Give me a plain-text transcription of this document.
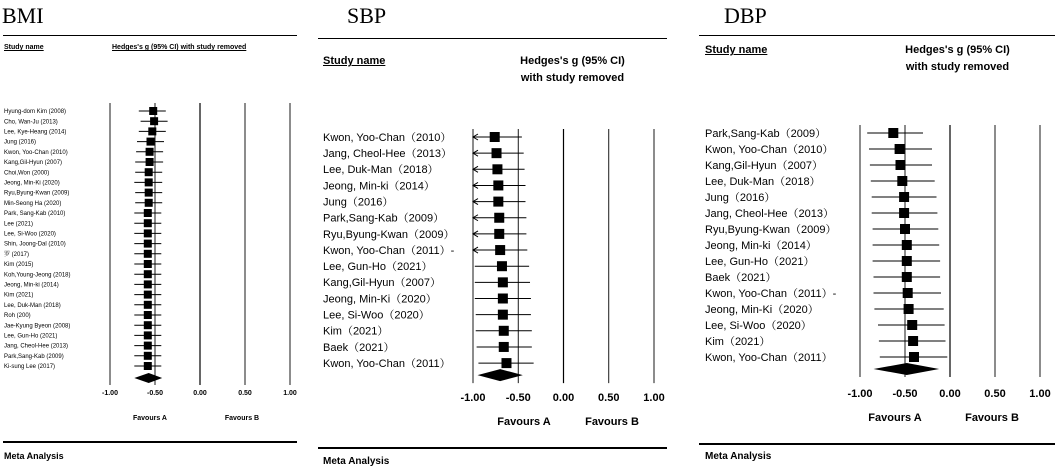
BMI
Study name	Hedges's g (95% CI) with study removed
Hyung-dom Kim (2008)
Cho, Wan-Ju (2013)
Lee, Kye-Heang (2014)
Jung (2016)
Kwon, Yoo-Chan (2010)
Kang,Gil-Hyun (2007)
Choi,Won (2000)
Jeong, Min-Ki (2020)
Ryu,Byung-Kwan (2009)
Min-Seong Ha (2020)
Park, Sang-Kab (2010)
Lee (2021)
Lee, Si-Woo (2020)
Shin, Joong-Dal (2010)
罗 (2017)
Kim (2015)
Koh,Young-Jeong (2018)
Jeong, Min-ki (2014)
Kim (2021)
Lee, Duk-Man (2018)
Roh (200)
Jae-Kyung Byeon (2008)
Lee, Gun-Ho (2021)
Jang, Cheol-Hee (2013)
Park,Sang-Kab (2009)
Ki-sung Lee (2017)
-1.00	-0.50	0.00	0.50	1.00
Favours A	Favours B
Meta Analysis
SBP
Study name	Hedges's g (95% CI)
with study removed
Kwon, Yoo-Chan（2010）
Jang, Cheol-Hee（2013）
Lee, Duk-Man（2018）
Jeong, Min-ki（2014）
Jung（2016）
Park,Sang-Kab（2009）
Ryu,Byung-Kwan（2009）
Kwon, Yoo-Chan（2011）-
Lee, Gun-Ho（2021）
Kang,Gil-Hyun（2007）
Jeong, Min-Ki（2020）
Lee, Si-Woo（2020）
Kim（2021）
Baek（2021）
Kwon, Yoo-Chan（2011）
-1.00 -0.50 0.00 0.50 1.00
Favours A	Favours B
Meta Analysis
DBP
Study name	Hedges's g (95% CI)
with study removed
Park,Sang-Kab（2009）
Kwon, Yoo-Chan（2010）
Kang,Gil-Hyun（2007）
Lee, Duk-Man（2018）
Jung（2016）
Jang, Cheol-Hee（2013）
Ryu,Byung-Kwan（2009）
Jeong, Min-ki（2014）
Lee, Gun-Ho（2021）
Baek（2021）
Kwon, Yoo-Chan（2011）-
Jeong, Min-Ki（2020）
Lee, Si-Woo（2020）
Kim（2021）
Kwon, Yoo-Chan（2011）
-1.00 -0.50 0.00 0.50 1.00
Favours A	Favours B
Meta Analysis
